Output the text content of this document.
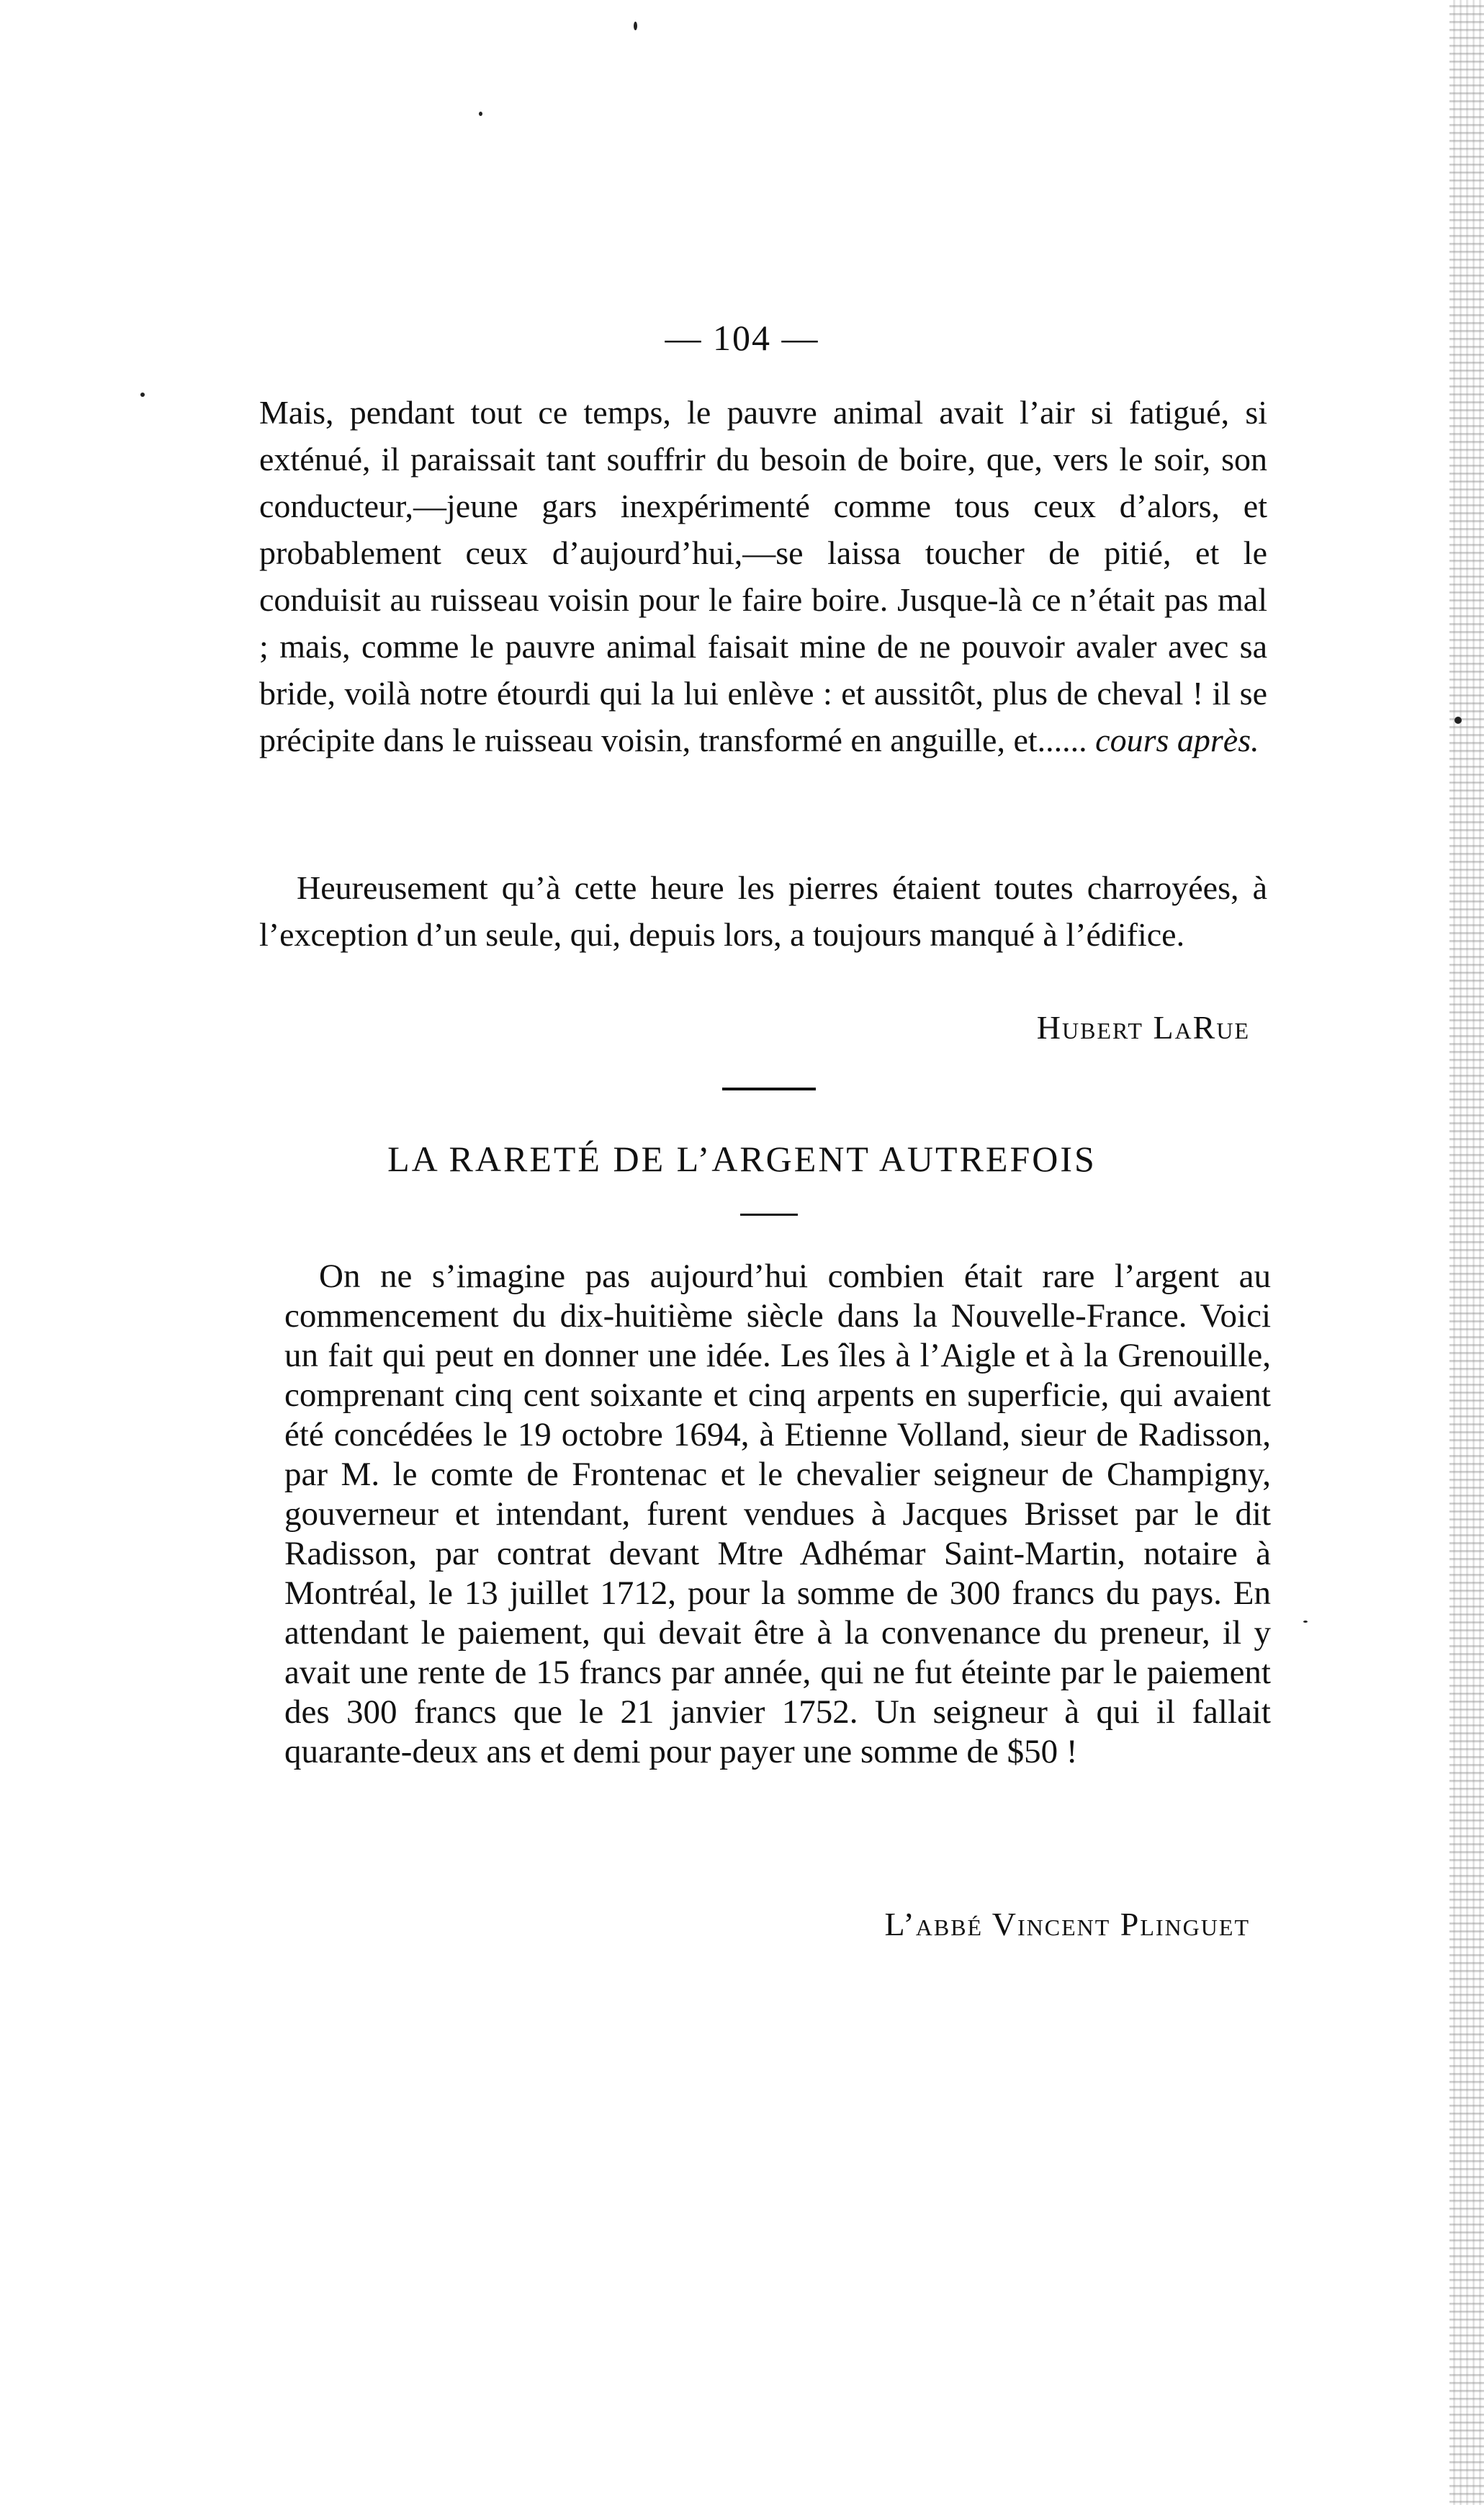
— 104 —
Mais, pendant tout ce temps, le pauvre animal avait l’air si fatigué, si exténué, il paraissait tant souffrir du besoin de boire, que, vers le soir, son conducteur,—jeune gars inexpérimenté comme tous ceux d’alors, et probablement ceux d’aujourd’hui,—se laissa toucher de pitié, et le conduisit au ruisseau voisin pour le faire boire. Jusque-là ce n’était pas mal ; mais, comme le pauvre animal faisait mine de ne pouvoir avaler avec sa bride, voilà notre étourdi qui la lui enlève : et aussitôt, plus de cheval ! il se précipite dans le ruisseau voisin, transformé en anguille, et...... cours après.

Heureusement qu’à cette heure les pierres étaient toutes charroyées, à l’exception d’un seule, qui, depuis lors, a toujours manqué à l’édifice.

Hubert LaRue
LA RARETÉ DE L’ARGENT AUTREFOIS
On ne s’imagine pas aujourd’hui combien était rare l’argent au commencement du dix-huitième siècle dans la Nouvelle-France. Voici un fait qui peut en donner une idée. Les îles à l’Aigle et à la Grenouille, comprenant cinq cent soixante et cinq arpents en superficie, qui avaient été concédées le 19 octobre 1694, à Etienne Volland, sieur de Radisson, par M. le comte de Frontenac et le chevalier seigneur de Champigny, gouverneur et intendant, furent vendues à Jacques Brisset par le dit Radisson, par contrat devant Mtre Adhémar Saint-Martin, notaire à Montréal, le 13 juillet 1712, pour la somme de 300 francs du pays. En attendant le paiement, qui devait être à la convenance du preneur, il y avait une rente de 15 francs par année, qui ne fut éteinte par le paiement des 300 francs que le 21 janvier 1752. Un seigneur à qui il fallait quarante-deux ans et demi pour payer une somme de $50 !
L’abbé Vincent Plinguet
